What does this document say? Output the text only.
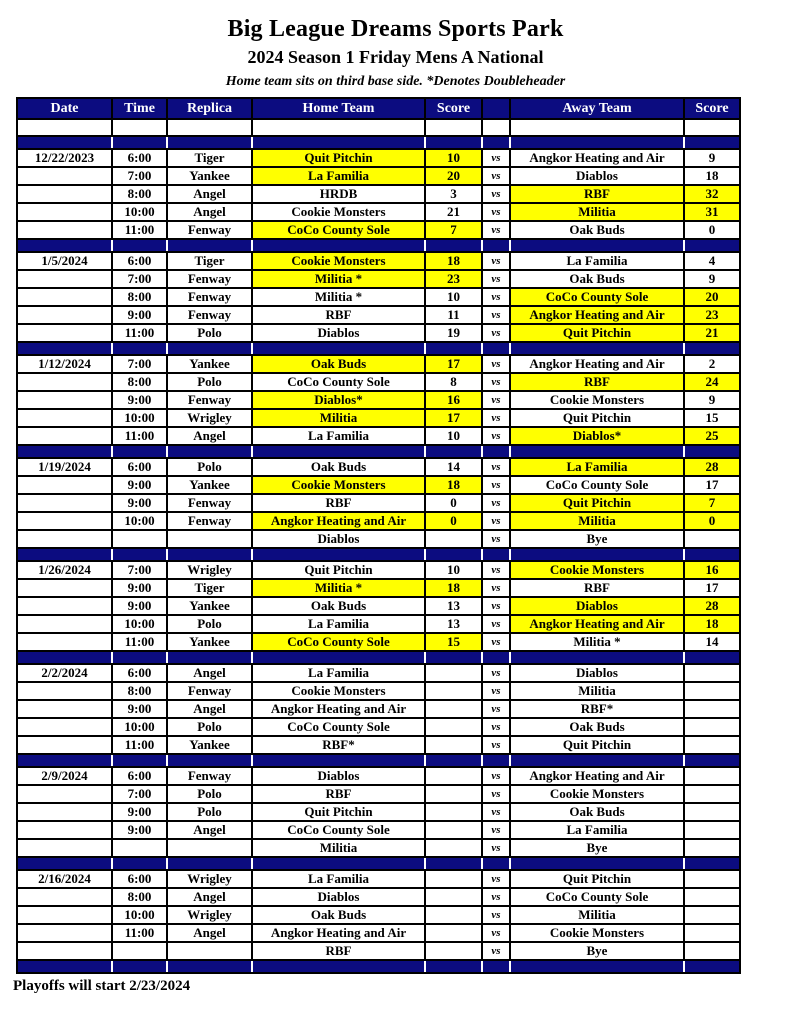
Big League Dreams Sports Park
2024 Season 1 Friday Mens A National
Home team sits on third base side. *Denotes Doubleheader
Date	Time	Replica	Home Team	Score		Away Team	Score

12/22/2023	6:00	Tiger	Quit Pitchin	10	vs	Angkor Heating and Air	9
	7:00	Yankee	La Familia	20	vs	Diablos	18
	8:00	Angel	HRDB	3	vs	RBF	32
	10:00	Angel	Cookie Monsters	21	vs	Militia	31
	11:00	Fenway	CoCo County Sole	7	vs	Oak Buds	0

1/5/2024	6:00	Tiger	Cookie Monsters	18	vs	La Familia	4
	7:00	Fenway	Militia *	23	vs	Oak Buds	9
	8:00	Fenway	Militia *	10	vs	CoCo County Sole	20
	9:00	Fenway	RBF	11	vs	Angkor Heating and Air	23
	11:00	Polo	Diablos	19	vs	Quit Pitchin	21

1/12/2024	7:00	Yankee	Oak Buds	17	vs	Angkor Heating and Air	2
	8:00	Polo	CoCo County Sole	8	vs	RBF	24
	9:00	Fenway	Diablos*	16	vs	Cookie Monsters	9
	10:00	Wrigley	Militia	17	vs	Quit Pitchin	15
	11:00	Angel	La Familia	10	vs	Diablos*	25

1/19/2024	6:00	Polo	Oak Buds	14	vs	La Familia	28
	9:00	Yankee	Cookie Monsters	18	vs	CoCo County Sole	17
	9:00	Fenway	RBF	0	vs	Quit Pitchin	7
	10:00	Fenway	Angkor Heating and Air	0	vs	Militia	0
			Diablos		vs	Bye	

1/26/2024	7:00	Wrigley	Quit Pitchin	10	vs	Cookie Monsters	16
	9:00	Tiger	Militia *	18	vs	RBF	17
	9:00	Yankee	Oak Buds	13	vs	Diablos	28
	10:00	Polo	La Familia	13	vs	Angkor Heating and Air	18
	11:00	Yankee	CoCo County Sole	15	vs	Militia *	14

2/2/2024	6:00	Angel	La Familia		vs	Diablos	
	8:00	Fenway	Cookie Monsters		vs	Militia	
	9:00	Angel	Angkor Heating and Air		vs	RBF*	
	10:00	Polo	CoCo County Sole		vs	Oak Buds	
	11:00	Yankee	RBF*		vs	Quit Pitchin	

2/9/2024	6:00	Fenway	Diablos		vs	Angkor Heating and Air	
	7:00	Polo	RBF		vs	Cookie Monsters	
	9:00	Polo	Quit Pitchin		vs	Oak Buds	
	9:00	Angel	CoCo County Sole		vs	La Familia	
			Militia		vs	Bye	

2/16/2024	6:00	Wrigley	La Familia		vs	Quit Pitchin	
	8:00	Angel	Diablos		vs	CoCo County Sole	
	10:00	Wrigley	Oak Buds		vs	Militia	
	11:00	Angel	Angkor Heating and Air		vs	Cookie Monsters	
			RBF		vs	Bye	

Playoffs will start 2/23/2024
